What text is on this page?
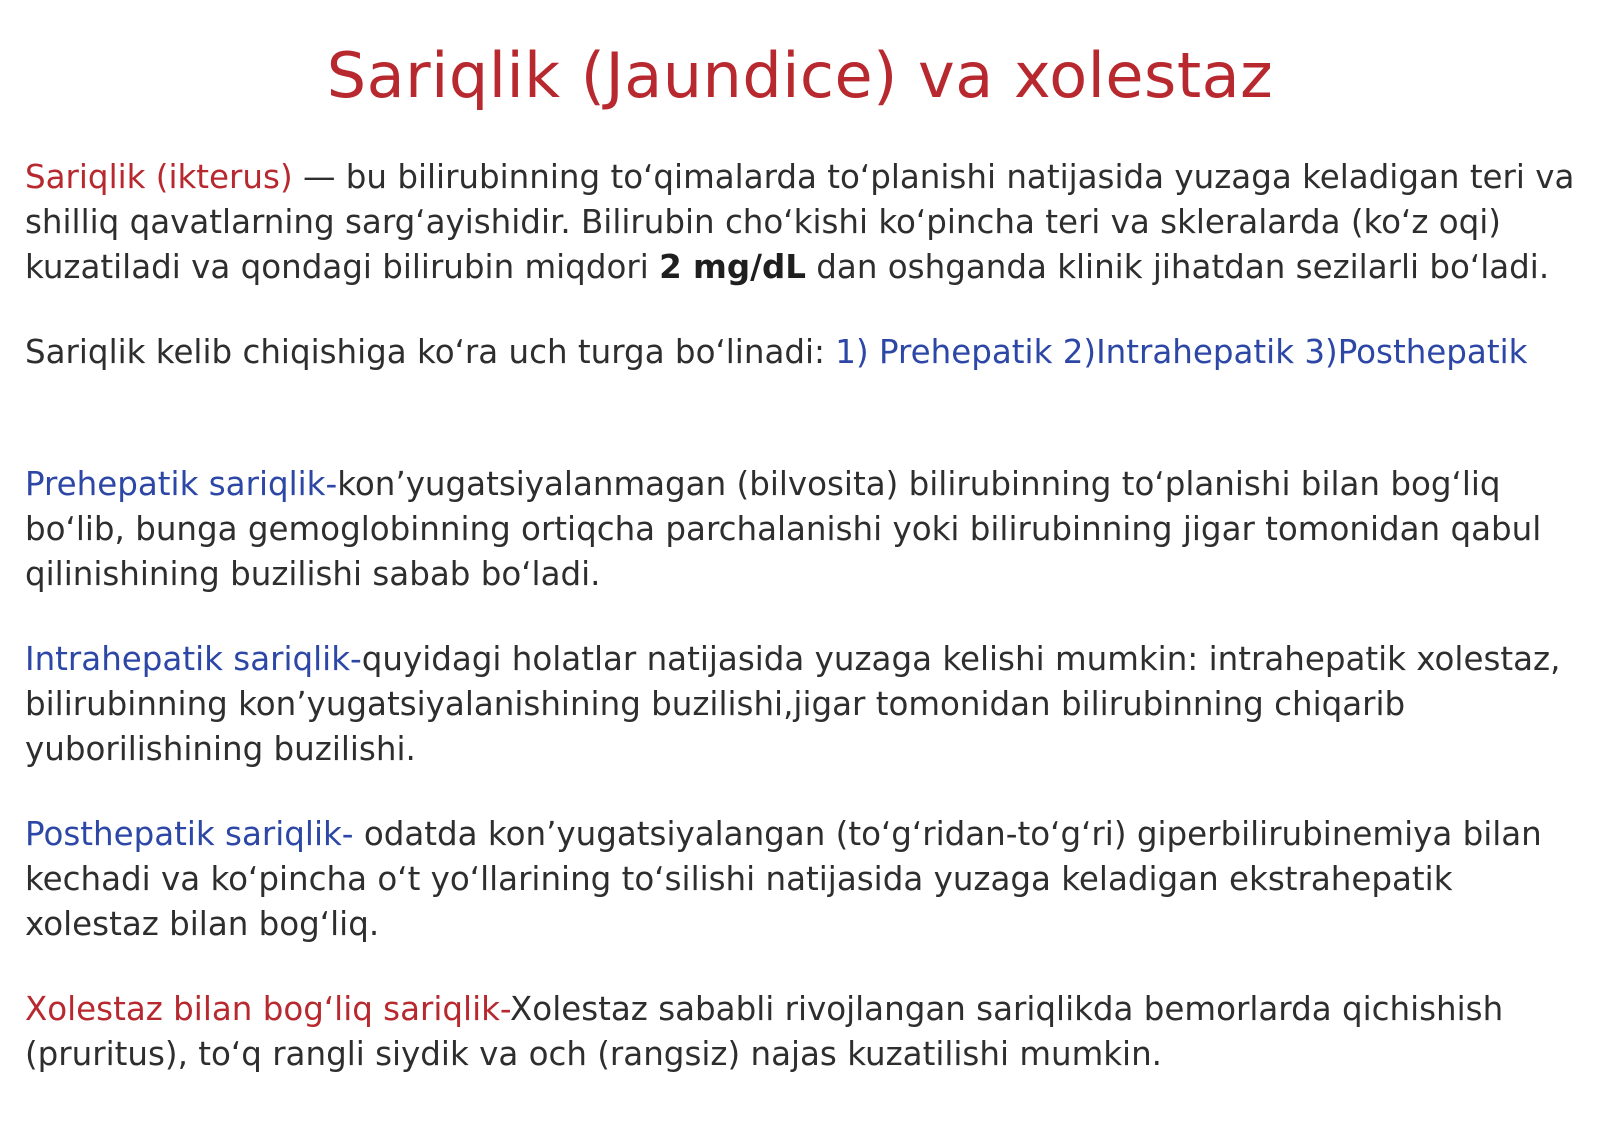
Sariqlik (Jaundice) va xolestaz

Sariqlik (ikterus) — bu bilirubinning to‘qimalarda to‘planishi natijasida yuzaga keladigan teri va
shilliq qavatlarning sarg‘ayishidir. Bilirubin cho‘kishi ko‘pincha teri va skleralarda (ko‘z oqi)
kuzatiladi va qondagi bilirubin miqdori 2 mg/dL dan oshganda klinik jihatdan sezilarli bo‘ladi.

Sariqlik kelib chiqishiga ko‘ra uch turga bo‘linadi: 1) Prehepatik 2)Intrahepatik 3)Posthepatik

Prehepatik sariqlik-kon’yugatsiyalanmagan (bilvosita) bilirubinning to‘planishi bilan bog‘liq
bo‘lib, bunga gemoglobinning ortiqcha parchalanishi yoki bilirubinning jigar tomonidan qabul
qilinishining buzilishi sabab bo‘ladi.

Intrahepatik sariqlik-quyidagi holatlar natijasida yuzaga kelishi mumkin: intrahepatik xolestaz,
bilirubinning kon’yugatsiyalanishining buzilishi,jigar tomonidan bilirubinning chiqarib
yuborilishining buzilishi.

Posthepatik sariqlik- odatda kon’yugatsiyalangan (to‘g‘ridan-to‘g‘ri) giperbilirubinemiya bilan
kechadi va ko‘pincha o‘t yo‘llarining to‘silishi natijasida yuzaga keladigan ekstrahepatik
xolestaz bilan bog‘liq.

Xolestaz bilan bog‘liq sariqlik-Xolestaz sababli rivojlangan sariqlikda bemorlarda qichishish
(pruritus), to‘q rangli siydik va och (rangsiz) najas kuzatilishi mumkin.
